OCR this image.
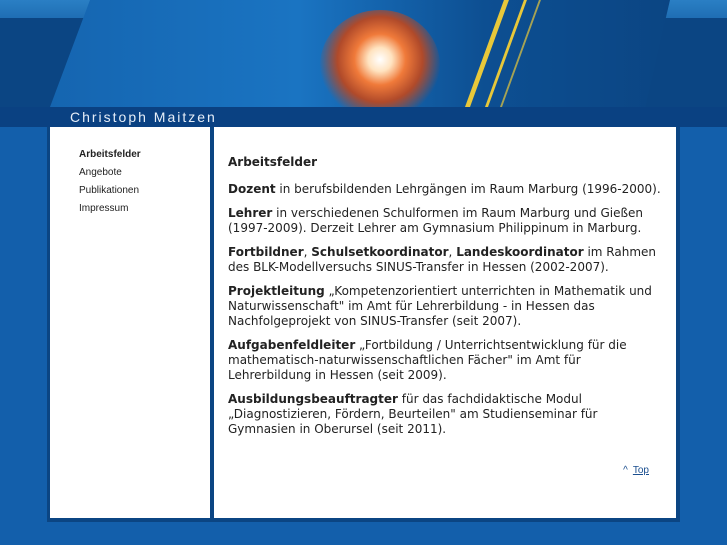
Christoph Maitzen
Arbeitsfelder
Angebote
Publikationen
Impressum
Arbeitsfelder

Dozent in berufsbildenden Lehrgängen im Raum Marburg (1996-2000).

Lehrer in verschiedenen Schulformen im Raum Marburg und Gießen (1997-2009). Derzeit Lehrer am Gymnasium Philippinum in Marburg.

Fortbildner, Schulsetkoordinator, Landeskoordinator im Rahmen des BLK-Modellversuchs SINUS-Transfer in Hessen (2002-2007).

Projektleitung „Kompetenzorientiert unterrichten in Mathematik und Naturwissenschaft" im Amt für Lehrerbildung - in Hessen das Nachfolgeprojekt von SINUS-Transfer (seit 2007).

Aufgabenfeldleiter „Fortbildung / Unterrichtsentwicklung für die mathematisch-naturwissenschaftlichen Fächer" im Amt für Lehrerbildung in Hessen (seit 2009).

Ausbildungsbeauftragter für das fachdidaktische Modul „Diagnostizieren, Fördern, Beurteilen" am Studienseminar für Gymnasien in Oberursel (seit 2011).

^ Top
